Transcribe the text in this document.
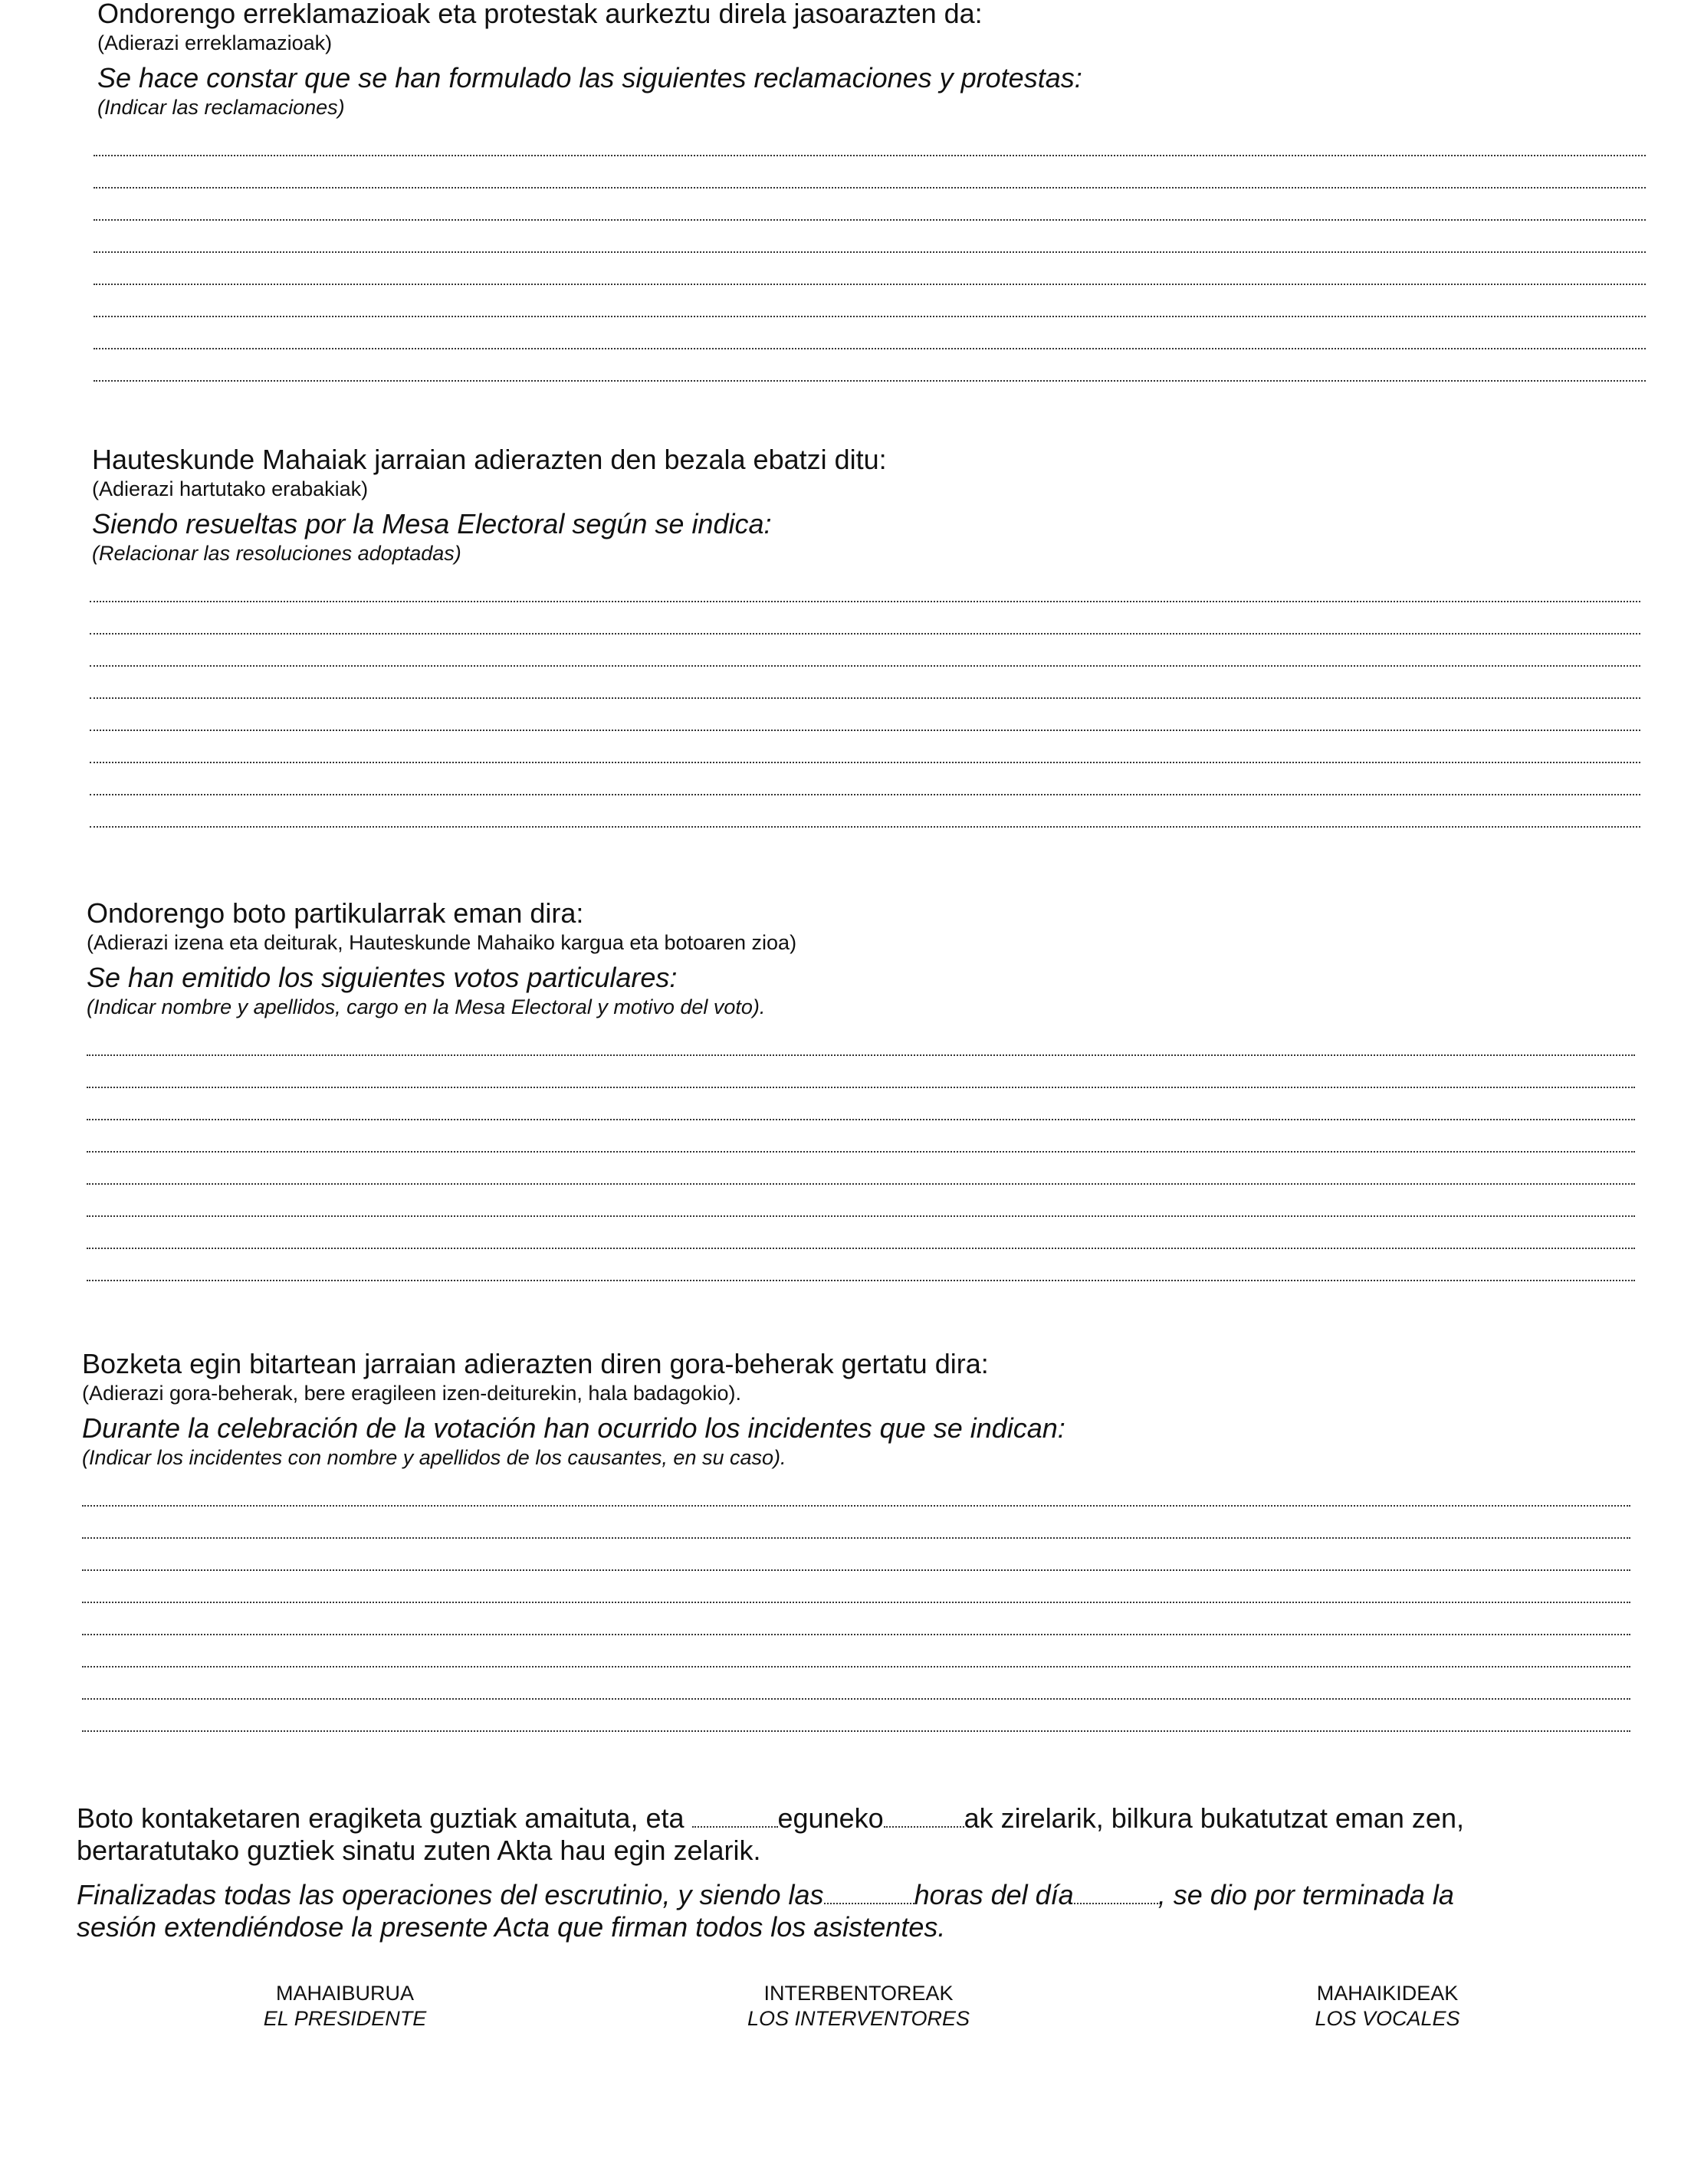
Ondorengo erreklamazioak eta protestak aurkeztu direla jasoarazten da:

(Adierazi erreklamazioak)

Se hace constar que se han formulado las siguientes reclamaciones y protestas:

(Indicar las reclamaciones)

Hauteskunde Mahaiak jarraian adierazten den bezala ebatzi ditu:

(Adierazi hartutako erabakiak)

Siendo resueltas por la Mesa Electoral según se indica:

(Relacionar las resoluciones adoptadas)

Ondorengo boto partikularrak eman dira:

(Adierazi izena eta deiturak, Hauteskunde Mahaiko kargua eta botoaren zioa)

Se han emitido los siguientes votos particulares:

(Indicar nombre y apellidos, cargo en la Mesa Electoral y motivo del voto).

Bozketa egin bitartean jarraian adierazten diren gora-beherak gertatu dira:

(Adierazi gora-beherak, bere eragileen izen-deiturekin, hala badagokio).

Durante la celebración de la votación han ocurrido los incidentes que se indican:

(Indicar los incidentes con nombre y apellidos de los causantes, en su caso).

Boto kontaketaren eragiketa guztiak amaituta, eta	eguneko	ak zirelarik, bilkura bukatutzat eman zen,

bertaratutako guztiek sinatu zuten Akta hau egin zelarik.

Finalizadas todas las operaciones del escrutinio, y siendo las	horas del día	, se dio por terminada la

sesión extendiéndose la presente Acta que firman todos los asistentes.

MAHAIBURUA
EL PRESIDENTE
INTERBENTOREAK
LOS INTERVENTORES
MAHAIKIDEAK
LOS VOCALES
